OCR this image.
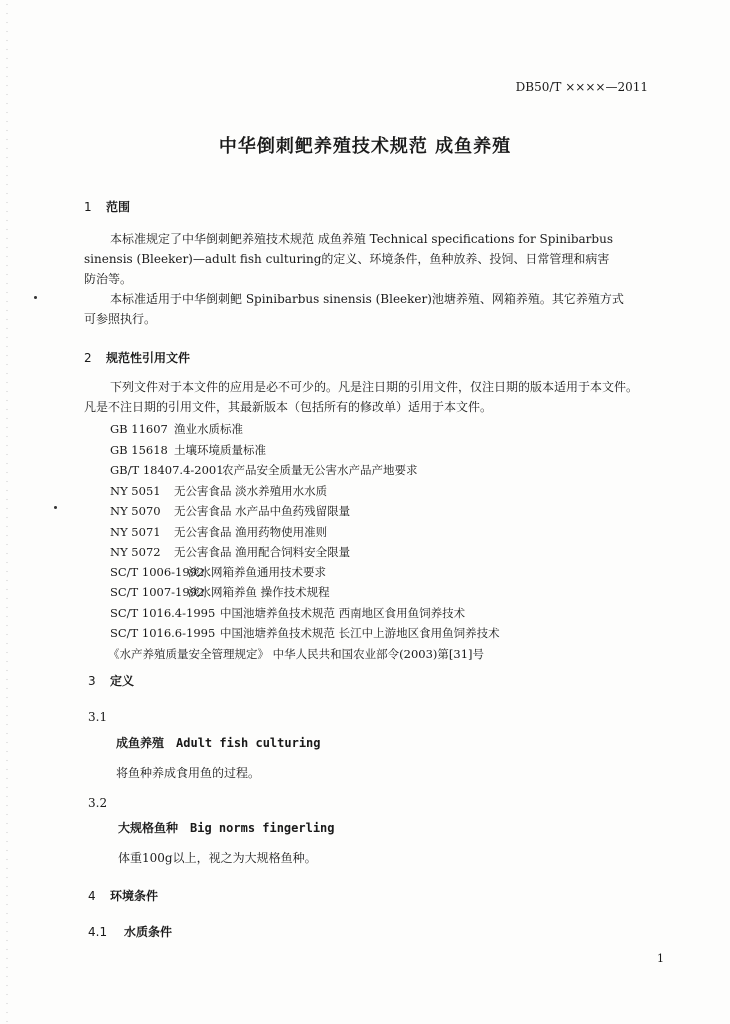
DB50/T ××××—2011
中华倒刺鲃养殖技术规范 成鱼养殖
1 范围
本标准规定了中华倒刺鲃养殖技术规范 成鱼养殖 Technical specifications for Spinibarbus
sinensis (Bleeker)—adult fish culturing的定义、环境条件，鱼种放养、投饲、日常管理和病害
防治等。
本标准适用于中华倒刺鲃 Spinibarbus sinensis (Bleeker)池塘养殖、网箱养殖。其它养殖方式
可参照执行。
2 规范性引用文件
下列文件对于本文件的应用是必不可少的。凡是注日期的引用文件，仅注日期的版本适用于本文件。
凡是不注日期的引用文件，其最新版本（包括所有的修改单）适用于本文件。
GB 11607 渔业水质标准
GB 15618 土壤环境质量标准
GB/T 18407.4-2001农产品安全质量无公害水产品产地要求
NY 5051 无公害食品 淡水养殖用水水质
NY 5070 无公害食品 水产品中鱼药残留限量
NY 5071 无公害食品 渔用药物使用准则
NY 5072 无公害食品 渔用配合饲料安全限量
SC/T 1006-1992淡水网箱养鱼通用技术要求
SC/T 1007-1992淡水网箱养鱼 操作技术规程
SC/T 1016.4-1995 中国池塘养鱼技术规范 西南地区食用鱼饲养技术
SC/T 1016.6-1995 中国池塘养鱼技术规范 长江中上游地区食用鱼饲养技术
《水产养殖质量安全管理规定》 中华人民共和国农业部令(2003)第[31]号
3 定义
3.1
成鱼养殖 Adult fish culturing
将鱼种养成食用鱼的过程。
3.2
大规格鱼种 Big norms fingerling
体重100g以上，视之为大规格鱼种。
4 环境条件
4.1 水质条件
1
